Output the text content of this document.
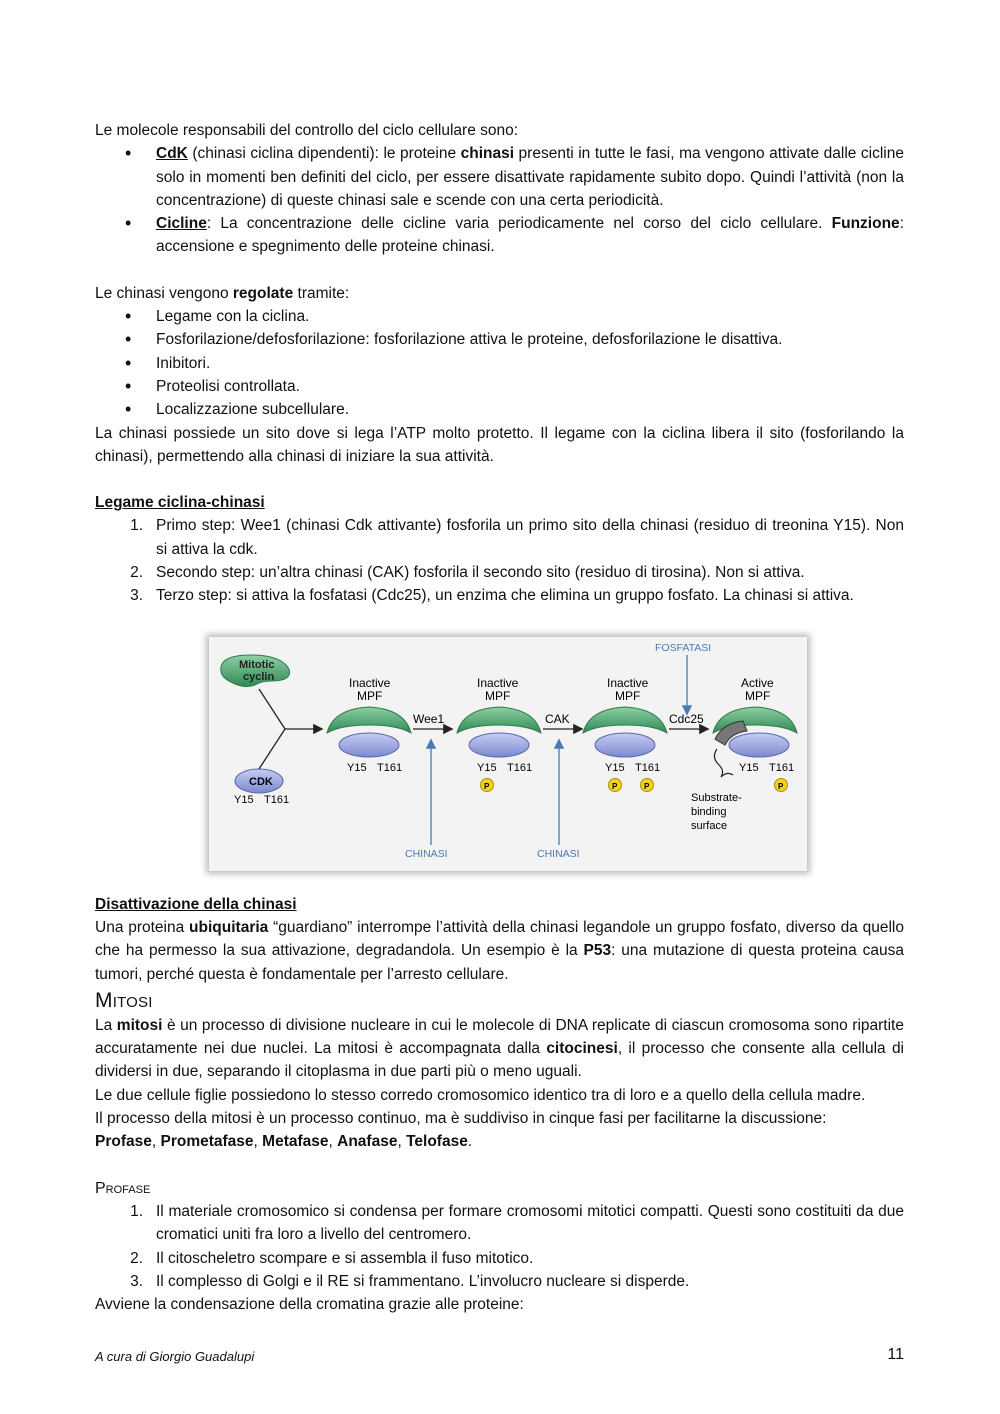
Le molecole responsabili del controllo del ciclo cellulare sono:

• CdK (chinasi ciclina dipendenti): le proteine chinasi presenti in tutte le fasi, ma vengono attivate dalle cicline solo in momenti ben definiti del ciclo, per essere disattivate rapidamente subito dopo. Quindi l’attività (non la concentrazione) di queste chinasi sale e scende con una certa periodicità.
• Cicline: La concentrazione delle cicline varia periodicamente nel corso del ciclo cellulare. Funzione: accensione e spegnimento delle proteine chinasi.

Le chinasi vengono regolate tramite:

• Legame con la ciclina.
• Fosforilazione/defosforilazione: fosforilazione attiva le proteine, defosforilazione le disattiva.
• Inibitori.
• Proteolisi controllata.
• Localizzazione subcellulare.

La chinasi possiede un sito dove si lega l’ATP molto protetto. Il legame con la ciclina libera il sito (fosforilando la chinasi), permettendo alla chinasi di iniziare la sua attività.

Legame ciclina-chinasi

1. Primo step: Wee1 (chinasi Cdk attivante) fosforila un primo sito della chinasi (residuo di treonina Y15). Non si attiva la cdk.
2. Secondo step: un’altra chinasi (CAK) fosforila il secondo sito (residuo di tirosina). Non si attiva.
3. Terzo step: si attiva la fosfatasi (Cdc25), un enzima che elimina un gruppo fosfato. La chinasi si attiva.
Mitotic
cyclin
CDK
Y15 T161
Inactive
MPF
Y15 T161
Wee1
CHINASI
Inactive
MPF
Y15 T161
P
CAK
CHINASI
Inactive
MPF
Y15 T161
P	P
Cdc25
FOSFATASI
Active
MPF
Y15 T161
P
Substrate-
binding
surface

Disattivazione della chinasi

Una proteina ubiquitaria “guardiano” interrompe l’attività della chinasi legandole un gruppo fosfato, diverso da quello che ha permesso la sua attivazione, degradandola. Un esempio è la P53: una mutazione di questa proteina causa tumori, perché questa è fondamentale per l’arresto cellulare.

Mitosi

La mitosi è un processo di divisione nucleare in cui le molecole di DNA replicate di ciascun cromosoma sono ripartite accuratamente nei due nuclei. La mitosi è accompagnata dalla citocinesi, il processo che consente alla cellula di dividersi in due, separando il citoplasma in due parti più o meno uguali.

Le due cellule figlie possiedono lo stesso corredo cromosomico identico tra di loro e a quello della cellula madre.

Il processo della mitosi è un processo continuo, ma è suddiviso in cinque fasi per facilitarne la discussione:

Profase, Prometafase, Metafase, Anafase, Telofase.

Profase
1. Il materiale cromosomico si condensa per formare cromosomi mitotici compatti. Questi sono costituiti da due cromatici uniti fra loro a livello del centromero.
2. Il citoscheletro scompare e si assembla il fuso mitotico.
3. Il complesso di Golgi e il RE si frammentano. L’involucro nucleare si disperde.

Avviene la condensazione della cromatina grazie alle proteine:

A cura di Giorgio Guadalupi	11
